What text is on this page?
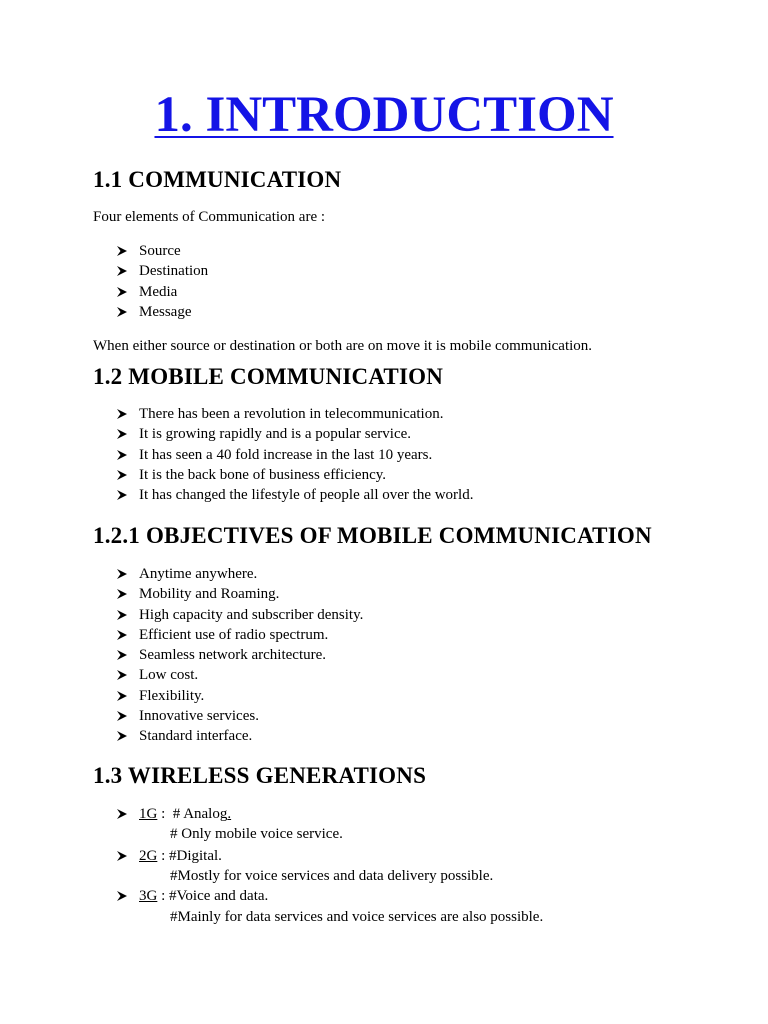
1. INTRODUCTION
1.1 COMMUNICATION
Four elements of Communication are :
Source
Destination
Media
Message
When either source or destination or both are on move it is mobile communication.
1.2 MOBILE COMMUNICATION
There has been a revolution in telecommunication.
It is growing rapidly and is a popular service.
It has seen a 40 fold increase in the last 10 years.
It is the back bone of business efficiency.
It has changed the lifestyle of people all over the world.
1.2.1 OBJECTIVES OF MOBILE COMMUNICATION
Anytime anywhere.
Mobility and Roaming.
High capacity and subscriber density.
Efficient use of radio spectrum.
Seamless network architecture.
Low cost.
Flexibility.
Innovative services.
Standard interface.
1.3 WIRELESS GENERATIONS
1G :  # Analog.
# Only mobile voice service.
2G : #Digital.
#Mostly for voice services and data delivery possible.
3G : #Voice and data.
#Mainly for data services and voice services are also possible.
